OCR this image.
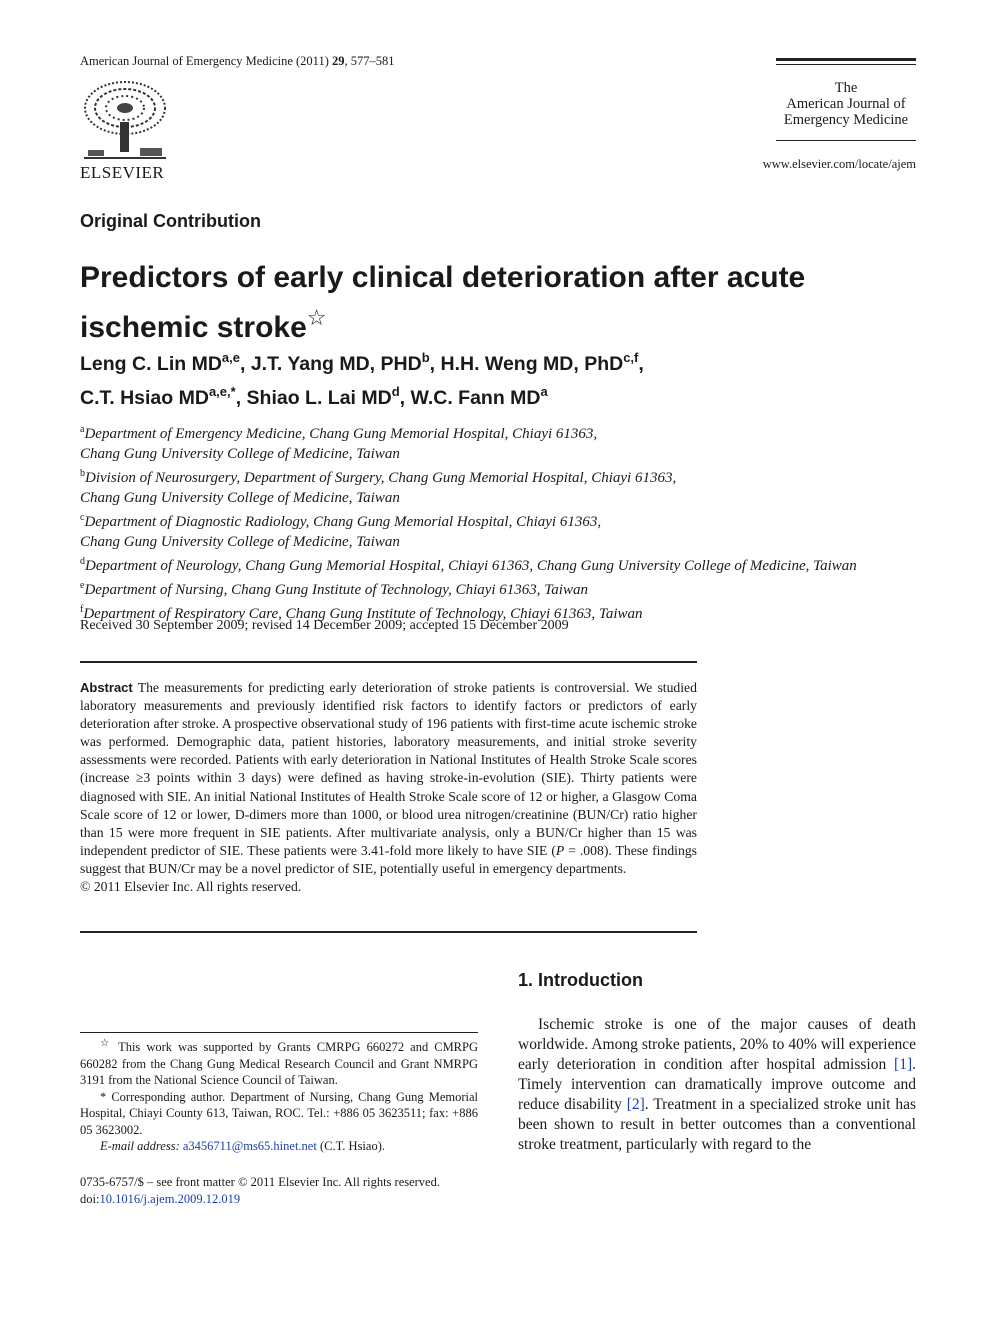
American Journal of Emergency Medicine (2011) 29, 577–581
ELSEVIER
The
American Journal of
Emergency Medicine
www.elsevier.com/locate/ajem
Original Contribution
Predictors of early clinical deterioration after acute
ischemic stroke☆
Leng C. Lin MD$^{a,e}$, J.T. Yang MD, PHD$^b$, H.H. Weng MD, PhD$^{c,f}$,
C.T. Hsiao $MD^{a,e,*}$, Shiao L. Lai $MD^d$, W.C. Fann $MD^a$
$^a$Department of Emergency Medicine, Chang Gung Memorial Hospital, Chiayi 61363,
Chang Gung University College of Medicine, Taiwan
$^b$Division of Neurosurgery, Department of Surgery, Chang Gung Memorial Hospital, Chiayi 61363,
Chang Gung University College of Medicine, Taiwan
$^c$Department of Diagnostic Radiology, Chang Gung Memorial Hospital, Chiayi 61363,
Chang Gung University College of Medicine, Taiwan
$^d$Department of Neurology, Chang Gung Memorial Hospital, Chiayi 61363, Chang Gung University College of Medicine, Taiwan
$^e$Department of Nursing, Chang Gung Institute of Technology, Chiayi 61363, Taiwan
$^f$Department of Respiratory Care, Chang Gung Institute of Technology, Chiayi 61363, Taiwan
Received 30 September 2009; revised 14 December 2009; accepted 15 December 2009
Abstract The measurements for predicting early deterioration of stroke patients is controversial. We studied laboratory measurements and previously identified risk factors to identify factors or predictors of early deterioration after stroke. A prospective observational study of 196 patients with first-time acute ischemic stroke was performed. Demographic data, patient histories, laboratory measurements, and initial stroke severity assessments were recorded. Patients with early deterioration in National Institutes of Health Stroke Scale scores (increase ≥3 points within 3 days) were defined as having stroke-in-evolution (SIE). Thirty patients were diagnosed with SIE. An initial National Institutes of Health Stroke Scale score of 12 or higher, a Glasgow Coma Scale score of 12 or lower, D-dimers more than 1000, or blood urea nitrogen/creatinine (BUN/Cr) ratio higher than 15 were more frequent in SIE patients. After multivariate analysis, only a BUN/Cr higher than 15 was independent predictor of SIE. These patients were 3.41-fold more likely to have SIE (P = .008). These findings suggest that BUN/Cr may be a novel predictor of SIE, potentially useful in emergency departments.
© 2011 Elsevier Inc. All rights reserved.
1. Introduction
Ischemic stroke is one of the major causes of death worldwide. Among stroke patients, 20% to 40% will experience early deterioration in condition after hospital admission [1]. Timely intervention can dramatically improve outcome and reduce disability [2]. Treatment in a specialized stroke unit has been shown to result in better outcomes than a conventional stroke treatment, particularly with regard to the
☆ This work was supported by Grants CMRPG 660272 and CMRPG 660282 from the Chang Gung Medical Research Council and Grant NMRPG 3191 from the National Science Council of Taiwan.
* Corresponding author. Department of Nursing, Chang Gung Memorial Hospital, Chiayi County 613, Taiwan, ROC. Tel.: +886 05 3623511; fax: +886 05 3623002.
E-mail address: a3456711@ms65.hinet.net (C.T. Hsiao).
0735-6757/$ – see front matter © 2011 Elsevier Inc. All rights reserved.
doi:10.1016/j.ajem.2009.12.019
